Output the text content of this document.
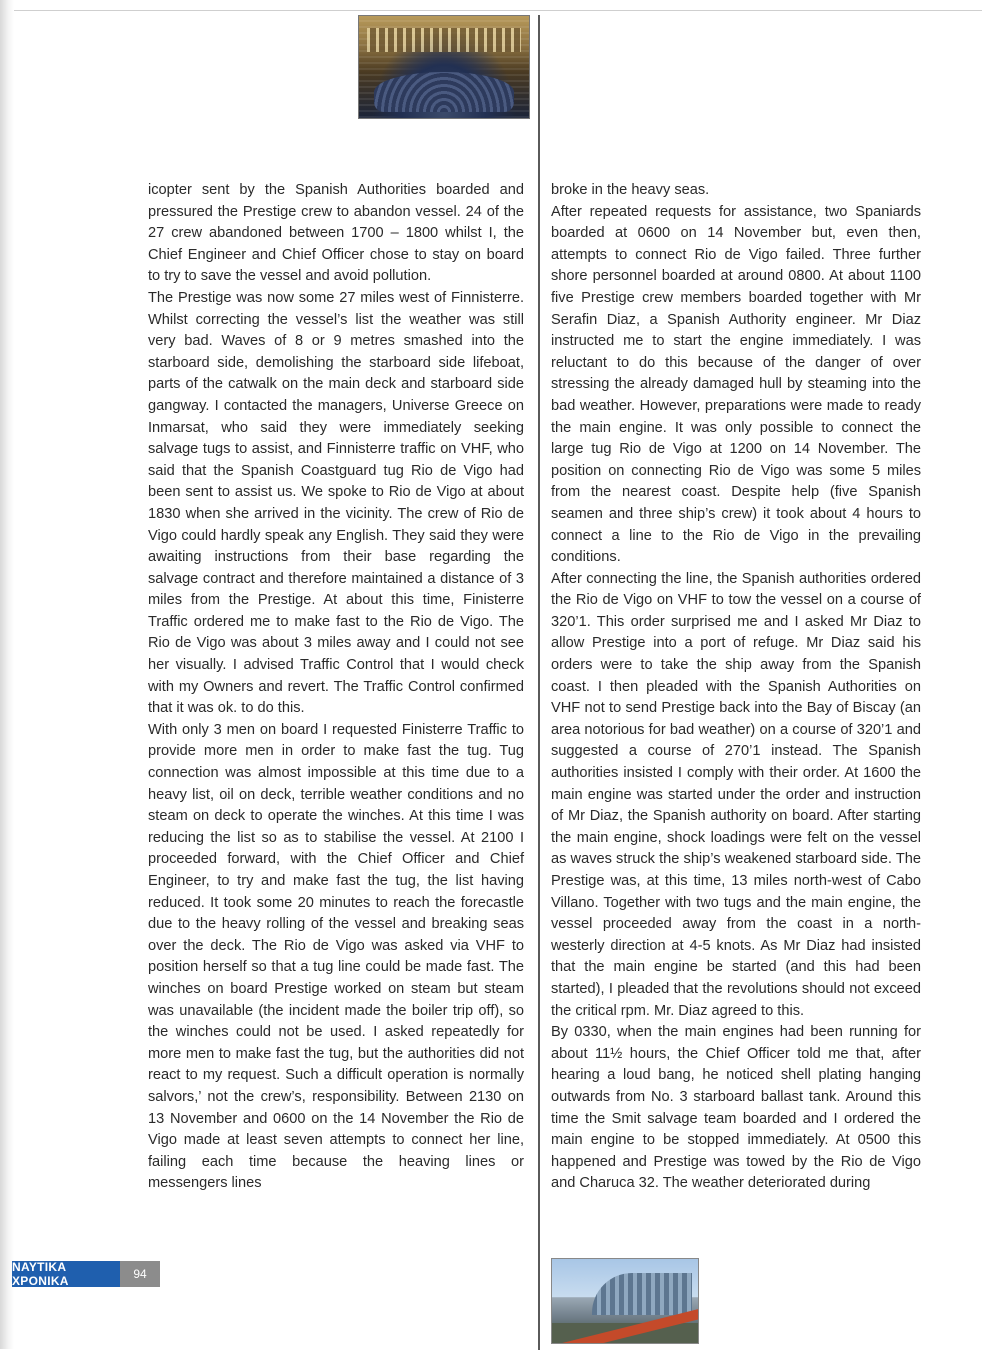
icopter sent by the Spanish Authorities boarded and pressured the Prestige crew to abandon vessel. 24 of the 27 crew abandoned between 1700 – 1800 whilst I, the Chief Engineer and Chief Officer chose to stay on board to try to save the vessel and avoid pollution.

The Prestige was now some 27 miles west of Finnisterre. Whilst correcting the vessel’s list the weather was still very bad. Waves of 8 or 9 metres smashed into the starboard side, demolishing the starboard side lifeboat, parts of the catwalk on the main deck and starboard side gangway. I contacted the managers, Universe Greece on Inmarsat, who said they were immediately seeking salvage tugs to assist, and Finnisterre traffic on VHF, who said that the Spanish Coastguard tug Rio de Vigo had been sent to assist us. We spoke to Rio de Vigo at about 1830 when she arrived in the vicinity. The crew of Rio de Vigo could hardly speak any English. They said they were awaiting instructions from their base regarding the salvage contract and therefore maintained a distance of 3 miles from the Prestige. At about this time, Finisterre Traffic ordered me to make fast to the Rio de Vigo. The Rio de Vigo was about 3 miles away and I could not see her visually. I advised Traffic Control that I would check with my Owners and revert. The Traffic Control confirmed that it was ok. to do this.

With only 3 men on board I requested Finisterre Traffic to provide more men in order to make fast the tug. Tug connection was almost impossible at this time due to a heavy list, oil on deck, terrible weather conditions and no steam on deck to operate the winches. At this time I was reducing the list so as to stabilise the vessel. At 2100 I proceeded forward, with the Chief Officer and Chief Engineer, to try and make fast the tug, the list having reduced. It took some 20 minutes to reach the forecastle due to the heavy rolling of the vessel and breaking seas over the deck. The Rio de Vigo was asked via VHF to position herself so that a tug line could be made fast. The winches on board Prestige worked on steam but steam was unavailable (the incident made the boiler trip off), so the winches could not be used. I asked repeatedly for more men to make fast the tug, but the authorities did not react to my request. Such a difficult operation is normally salvors,’ not the crew’s, responsibility. Between 2130 on 13 November and 0600 on the 14 November the Rio de Vigo made at least seven attempts to connect her line, failing each time because the heaving lines or messengers lines

broke in the heavy seas.

After repeated requests for assistance, two Spaniards boarded at 0600 on 14 November but, even then, attempts to connect Rio de Vigo failed. Three further shore personnel boarded at around 0800. At about 1100 five Prestige crew members boarded together with Mr Serafin Diaz, a Spanish Authority engineer. Mr Diaz instructed me to start the engine immediately. I was reluctant to do this because of the danger of over stressing the already damaged hull by steaming into the bad weather. However, preparations were made to ready the main engine. It was only possible to connect the large tug Rio de Vigo at 1200 on 14 November. The position on connecting Rio de Vigo was some 5 miles from the nearest coast. Despite help (five Spanish seamen and three ship’s crew) it took about 4 hours to connect a line to the Rio de Vigo in the prevailing conditions.

After connecting the line, the Spanish authorities ordered the Rio de Vigo on VHF to tow the vessel on a course of 320’1. This order surprised me and I asked Mr Diaz to allow Prestige into a port of refuge. Mr Diaz said his orders were to take the ship away from the Spanish coast. I then pleaded with the Spanish Authorities on VHF not to send Prestige back into the Bay of Biscay (an area notorious for bad weather) on a course of 320’1 and suggested a course of 270’1 instead. The Spanish authorities insisted I comply with their order. At 1600 the main engine was started under the order and instruction of Mr Diaz, the Spanish authority on board. After starting the main engine, shock loadings were felt on the vessel as waves struck the ship’s weakened starboard side. The Prestige was, at this time, 13 miles north-west of Cabo Villano. Together with two tugs and the main engine, the vessel proceeded away from the coast in a north-westerly direction at 4-5 knots. As Mr Diaz had insisted that the main engine be started (and this had been started), I pleaded that the revolutions should not exceed the critical rpm. Mr. Diaz agreed to this.

By 0330, when the main engines had been running for about 11½ hours, the Chief Officer told me that, after hearing a loud bang, he noticed shell plating hanging outwards from No. 3 starboard ballast tank. Around this time the Smit salvage team boarded and I ordered the main engine to be stopped immediately. At 0500 this happened and Prestige was towed by the Rio de Vigo and Charuca 32. The weather deteriorated during

NAYTIKA XPONIKA	94
